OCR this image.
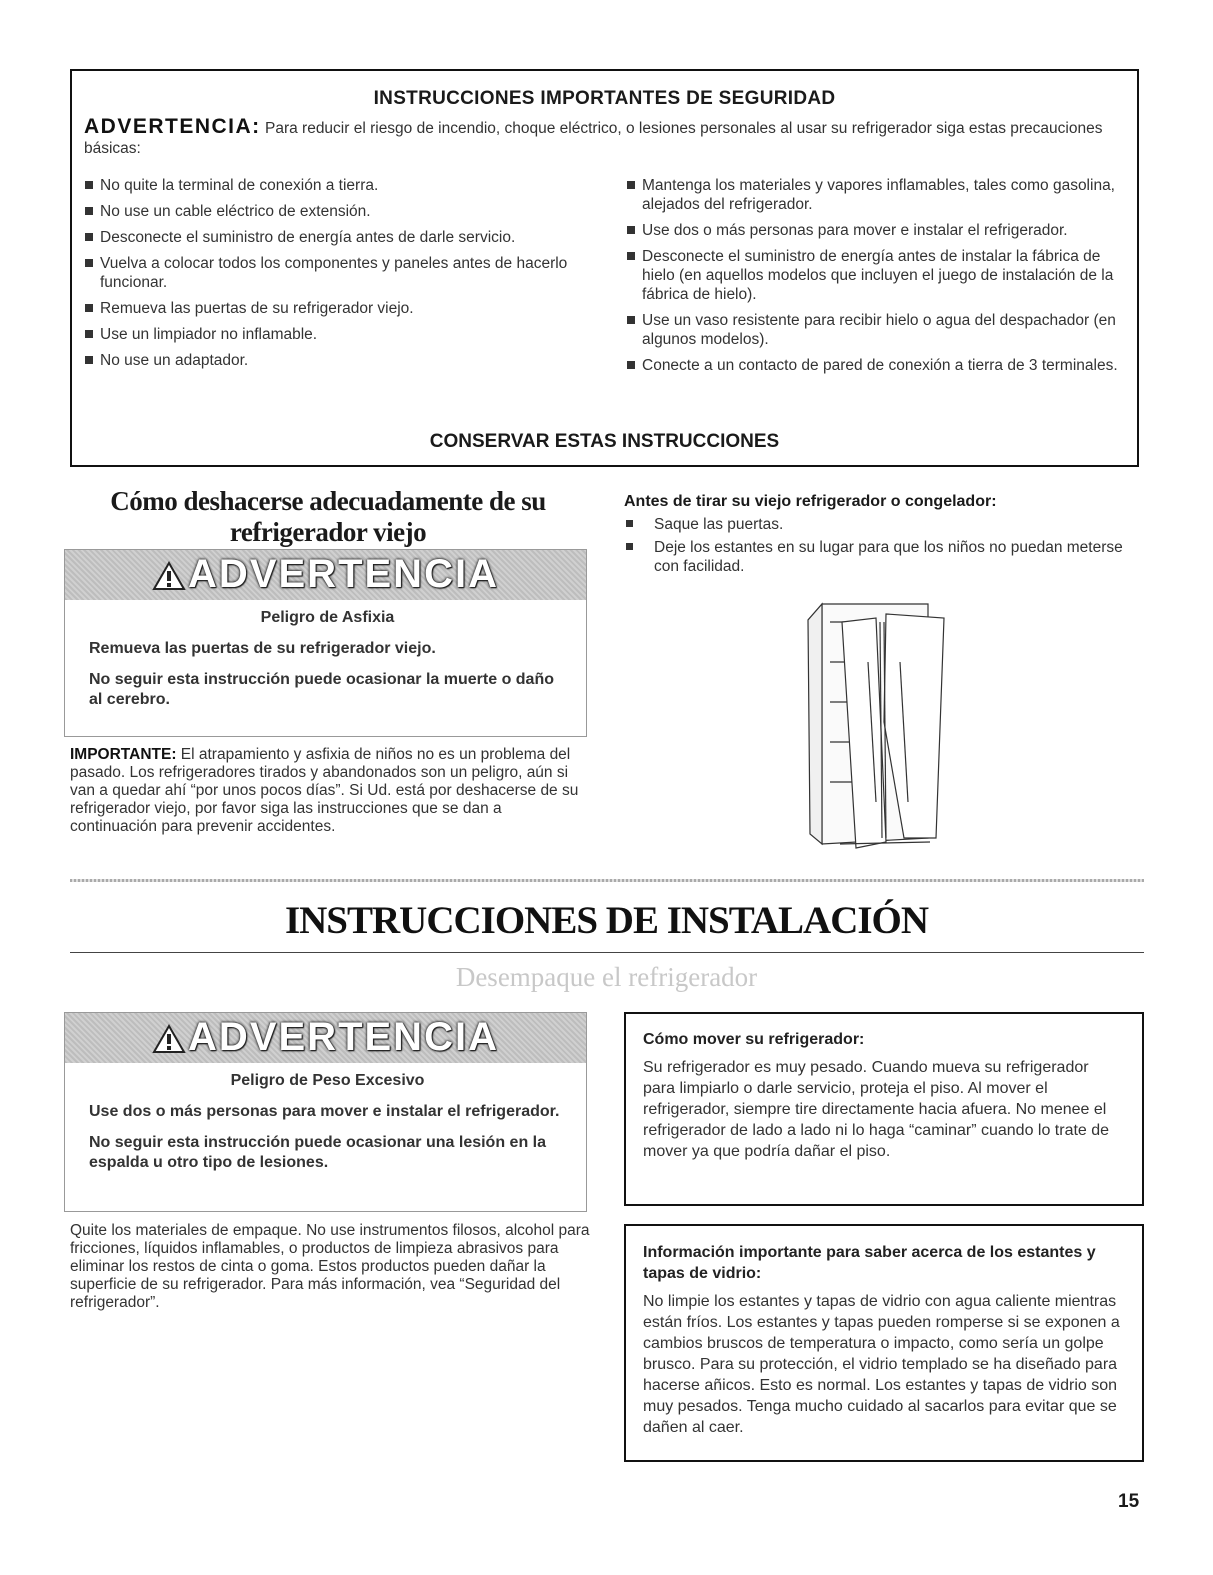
INSTRUCCIONES IMPORTANTES DE SEGURIDAD
ADVERTENCIA: Para reducir el riesgo de incendio, choque eléctrico, o lesiones personales al usar su refrigerador siga estas precauciones básicas:
No quite la terminal de conexión a tierra.
No use un cable eléctrico de extensión.
Desconecte el suministro de energía antes de darle servicio.
Vuelva a colocar todos los componentes y paneles antes de hacerlo funcionar.
Remueva las puertas de su refrigerador viejo.
Use un limpiador no inflamable.
No use un adaptador.
Mantenga los materiales y vapores inflamables, tales como gasolina, alejados del refrigerador.
Use dos o más personas para mover e instalar el refrigerador.
Desconecte el suministro de energía antes de instalar la fábrica de hielo (en aquellos modelos que incluyen el juego de instalación de la fábrica de hielo).
Use un vaso resistente para recibir hielo o agua del despachador (en algunos modelos).
Conecte a un contacto de pared de conexión a tierra de 3 terminales.
CONSERVAR ESTAS INSTRUCCIONES
Cómo deshacerse adecuadamente de su refrigerador viejo
ADVERTENCIA
Peligro de Asfixia

Remueva las puertas de su refrigerador viejo.

No seguir esta instrucción puede ocasionar la muerte o daño al cerebro.

IMPORTANTE: El atrapamiento y asfixia de niños no es un problema del pasado. Los refrigeradores tirados y abandonados son un peligro, aún si van a quedar ahí “por unos pocos días”. Si Ud. está por deshacerse de su refrigerador viejo, por favor siga las instrucciones que se dan a continuación para prevenir accidentes.
Antes de tirar su viejo refrigerador o congelador:
Saque las puertas.
Deje los estantes en su lugar para que los niños no puedan meterse con facilidad.
INSTRUCCIONES DE INSTALACIÓN
Desempaque el refrigerador
ADVERTENCIA
Peligro de Peso Excesivo

Use dos o más personas para mover e instalar el refrigerador.

No seguir esta instrucción puede ocasionar una lesión en la espalda u otro tipo de lesiones.

Quite los materiales de empaque. No use instrumentos filosos, alcohol para fricciones, líquidos inflamables, o productos de limpieza abrasivos para eliminar los restos de cinta o goma. Estos productos pueden dañar la superficie de su refrigerador. Para más información, vea “Seguridad del refrigerador”.
Cómo mover su refrigerador:
Su refrigerador es muy pesado. Cuando mueva su refrigerador para limpiarlo o darle servicio, proteja el piso. Al mover el refrigerador, siempre tire directamente hacia afuera. No menee el refrigerador de lado a lado ni lo haga “caminar” cuando lo trate de mover ya que podría dañar el piso.
Información importante para saber acerca de los estantes y tapas de vidrio:
No limpie los estantes y tapas de vidrio con agua caliente mientras están fríos. Los estantes y tapas pueden romperse si se exponen a cambios bruscos de temperatura o impacto, como sería un golpe brusco. Para su protección, el vidrio templado se ha diseñado para hacerse añicos. Esto es normal. Los estantes y tapas de vidrio son muy pesados. Tenga mucho cuidado al sacarlos para evitar que se dañen al caer.
15
